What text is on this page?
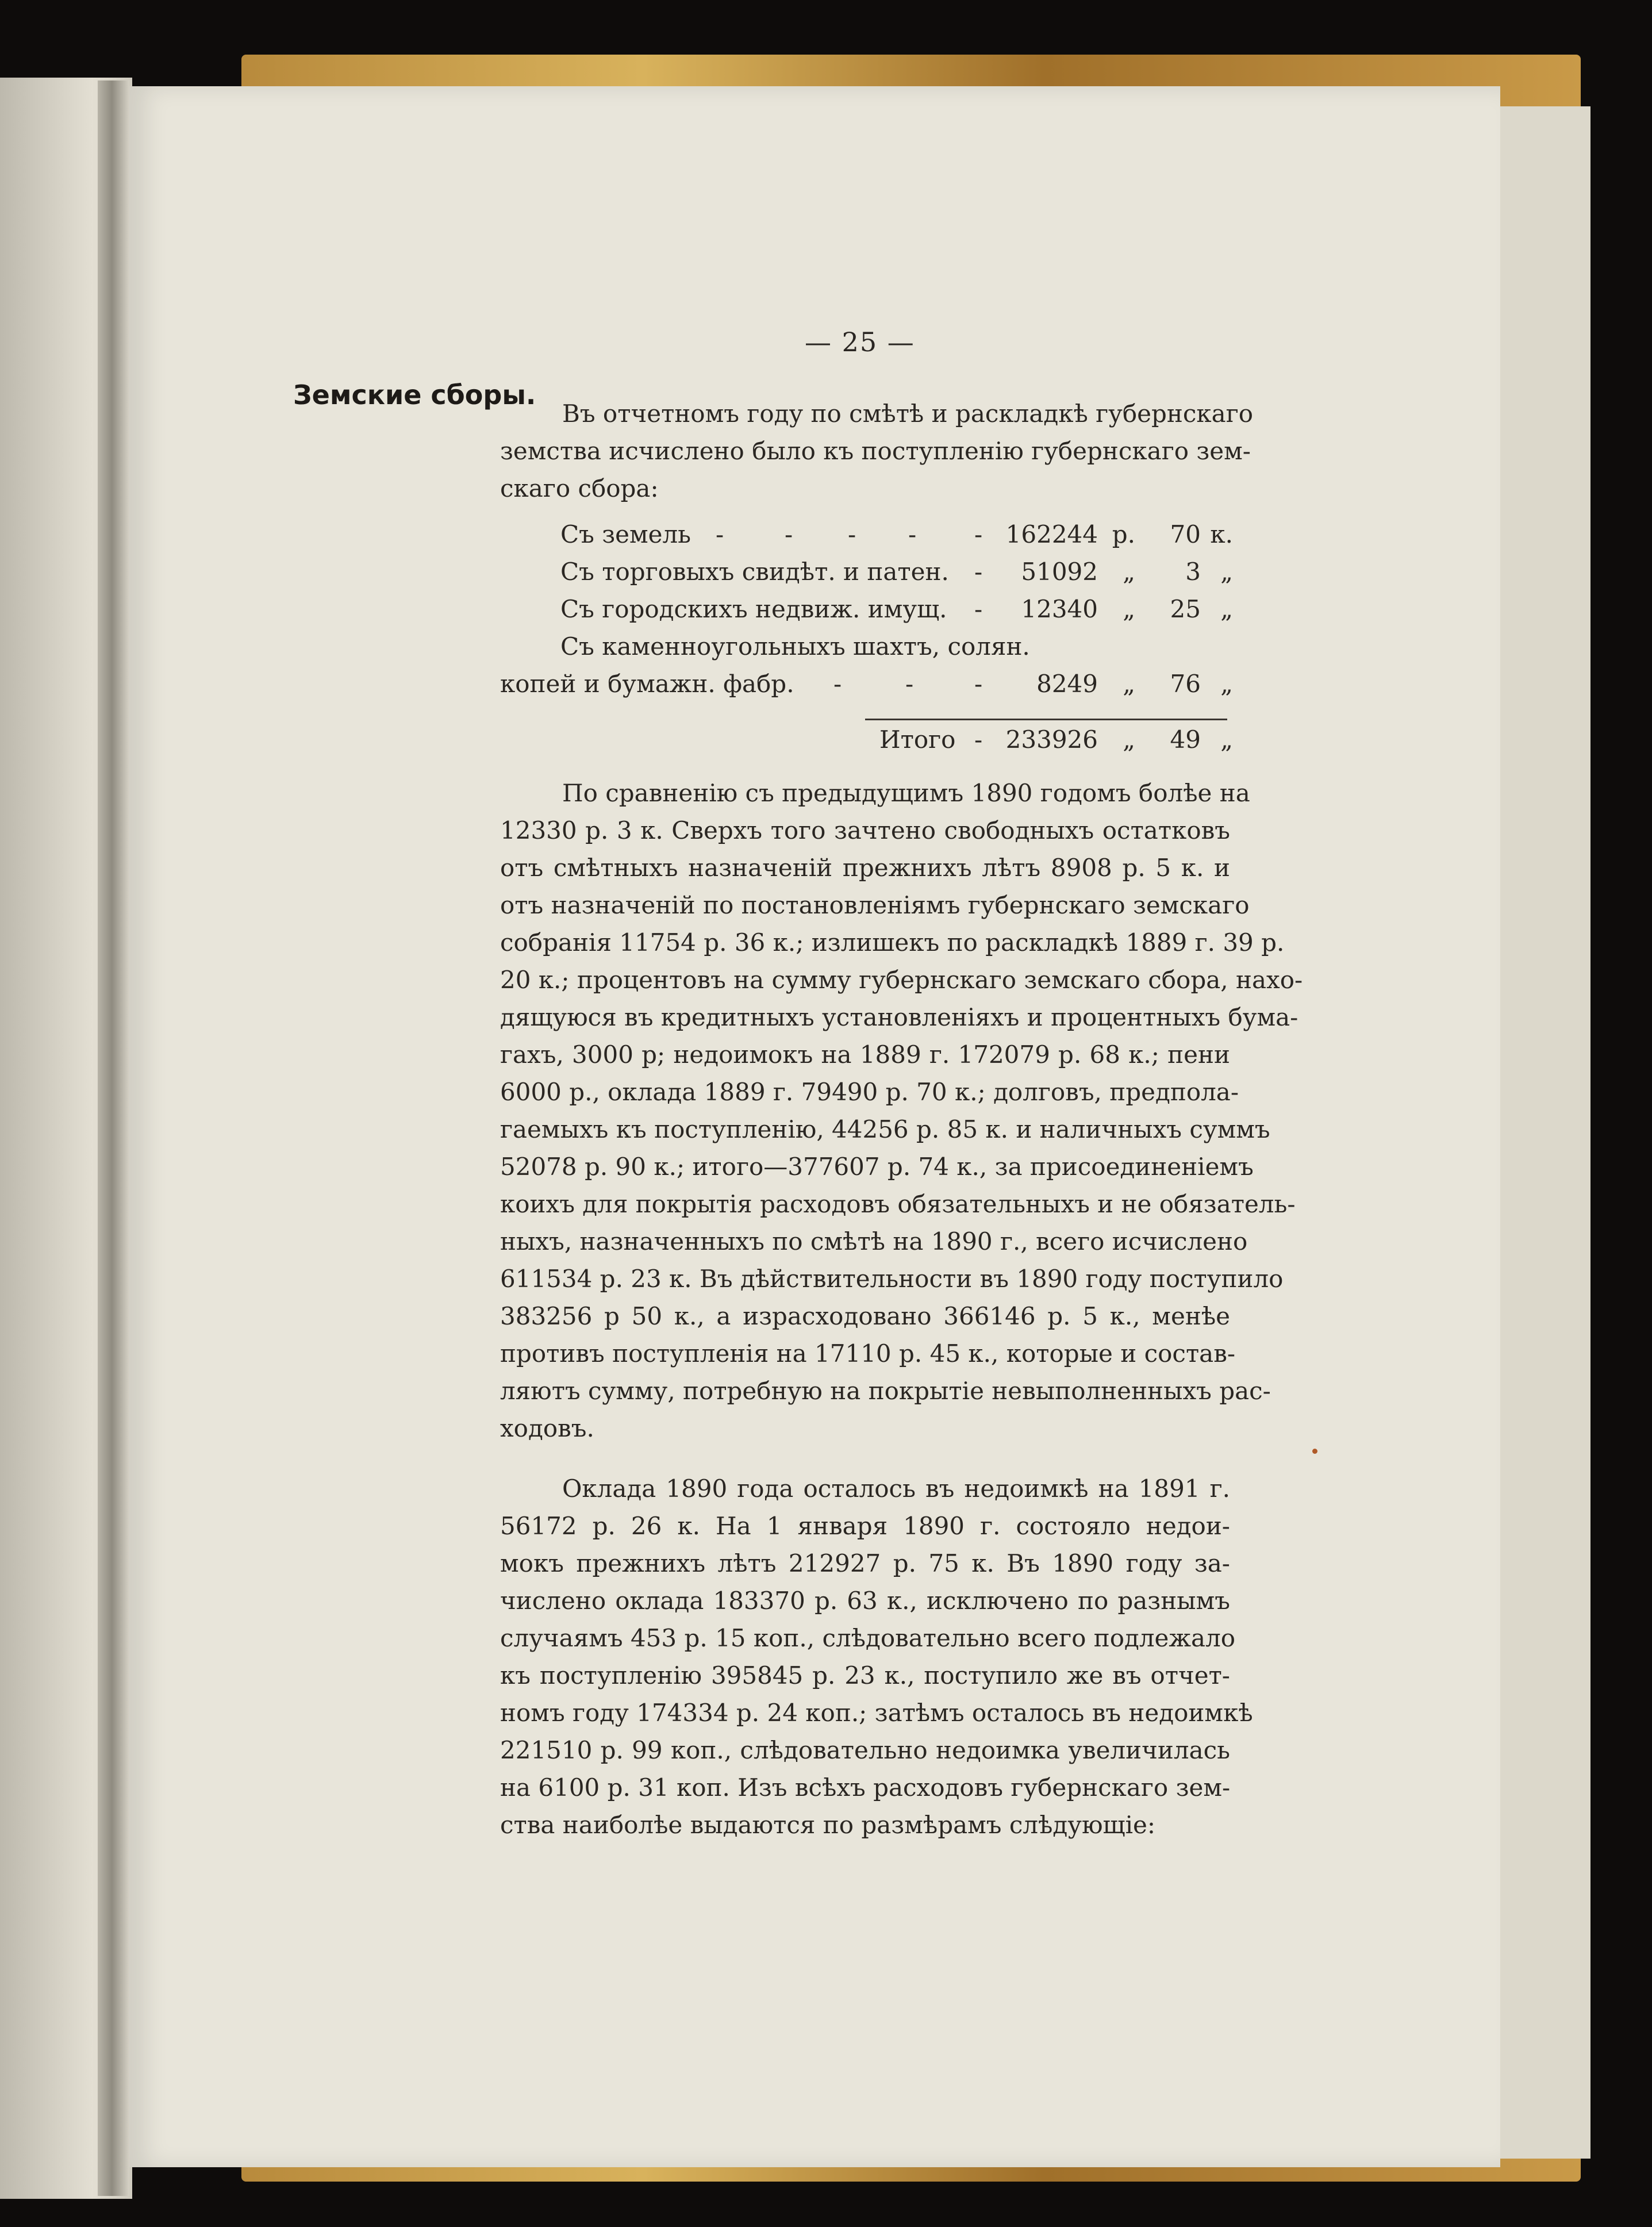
— 25 —
Земские сборы.
Въ отчетномъ году по смѣтѣ и раскладкѣ губернскаго
земства исчислено было къ поступленію губернскаго зем-
скаго сбора:
Съ земель -	-	-	-	- 162244 р.	70 к.
Съ торговыхъ свидѣт. и патен. -	51092 „	3 „
Съ городскихъ недвиж. имущ. -	12340 „	25 „
Съ каменноугольныхъ шахтъ, солян.
копей и бумажн. фабр. -	-	-	8249 „	76 „
Итого - 233926 „	49 „
По сравненію съ предыдущимъ 1890 годомъ болѣе на
12330 р. 3 к. Сверхъ того зачтено свободныхъ остатковъ
отъ смѣтныхъ назначеній прежнихъ лѣтъ 8908 р. 5 к. и
отъ назначеній по постановленіямъ губернскаго земскаго
собранія 11754 р. 36 к.; излишекъ по раскладкѣ 1889 г. 39 р.
20 к.; процентовъ на сумму губернскаго земскаго сбора, нахо-
дящуюся въ кредитныхъ установленіяхъ и процентныхъ бума-
гахъ, 3000 р; недоимокъ на 1889 г. 172079 р. 68 к.; пени
6000 р., оклада 1889 г. 79490 р. 70 к.; долговъ, предпола-
гаемыхъ къ поступленію, 44256 р. 85 к. и наличныхъ суммъ
52078 р. 90 к.; итого—377607 р. 74 к., за присоединеніемъ
коихъ для покрытія расходовъ обязательныхъ и не обязатель-
ныхъ, назначенныхъ по смѣтѣ на 1890 г., всего исчислено
611534 р. 23 к. Въ дѣйствительности въ 1890 году поступило
383256 р 50 к., а израсходовано 366146 р. 5 к., менѣе
противъ поступленія на 17110 р. 45 к., которые и состав-
ляютъ сумму, потребную на покрытіе невыполненныхъ рас-
ходовъ.
Оклада 1890 года осталось въ недоимкѣ на 1891 г.
56172 р. 26 к. На 1 января 1890 г. состояло недои-
мокъ прежнихъ лѣтъ 212927 р. 75 к. Въ 1890 году за-
числено оклада 183370 р. 63 к., исключено по разнымъ
случаямъ 453 р. 15 коп., слѣдовательно всего подлежало
къ поступленію 395845 р. 23 к., поступило же въ отчет-
номъ году 174334 р. 24 коп.; затѣмъ осталось въ недоимкѣ
221510 р. 99 коп., слѣдовательно недоимка увеличилась
на 6100 р. 31 коп. Изъ всѣхъ расходовъ губернскаго зем-
ства наиболѣе выдаются по размѣрамъ слѣдующіе:
